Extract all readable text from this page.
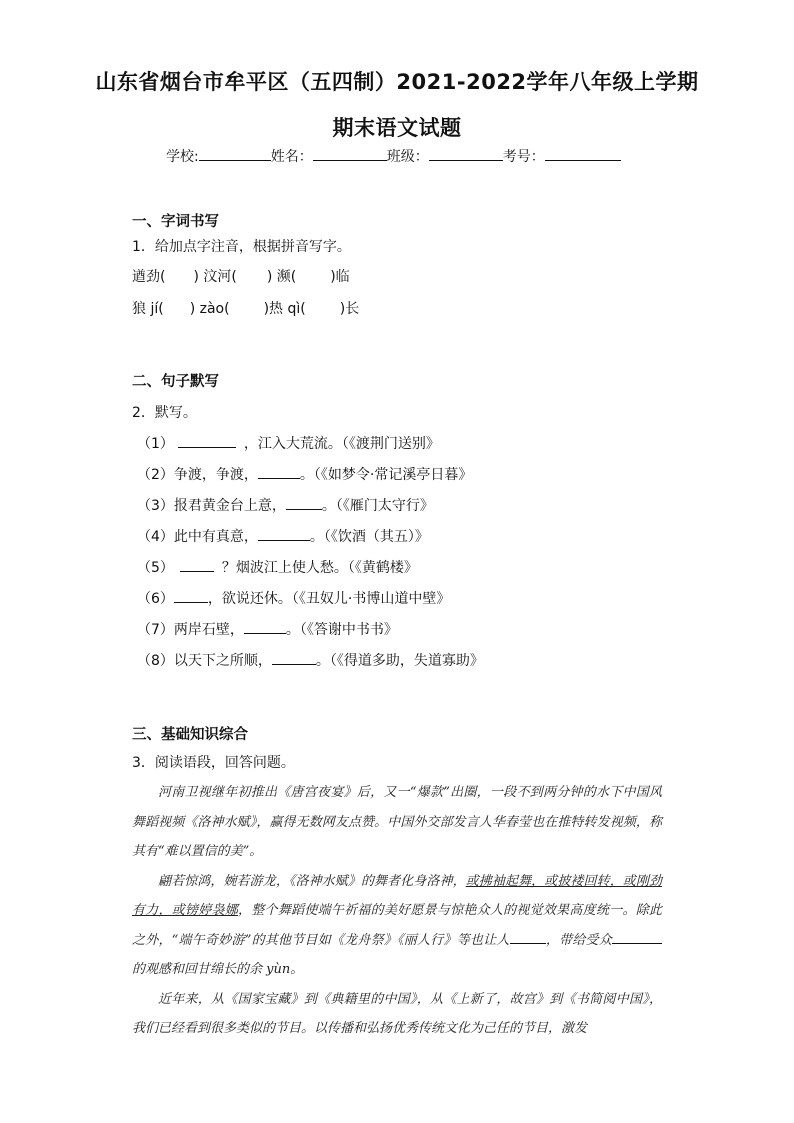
山东省烟台市牟平区（五四制）2021-2022学年八年级上学期
期末语文试题
学校:	姓名：	班级：	考号：
一、字词书写
1．给加点字注音，根据拼音写字。
遒劲( ) 汶河( ) 濒( )临
狼 jí( ) zào( )热 qì( )长
二、句子默写
2．默写。
（1）	，江入大荒流。（《渡荆门送别》
（2）争渡，争渡，	。（《如梦令·常记溪亭日暮》
（3）报君黄金台上意，	。（《雁门太守行》
（4）此中有真意，	。（《饮酒（其五）》
（5）	？烟波江上使人愁。（《黄鹤楼》
（6） ，欲说还休。（《丑奴儿·书博山道中壁》
（7）两岸石壁，	。（《答谢中书书》
（8）以天下之所顺，	。（《得道多助，失道寡助》
三、基础知识综合
3．阅读语段，回答问题。

河南卫视继年初推出《唐宫夜宴》后，又一“爆款”出圈，一段不到两分钟的水下中国风舞蹈视频《洛神水赋》，赢得无数网友点赞。中国外交部发言人华春莹也在推特转发视频，称其有“难以置信的美”。

翩若惊鸿，婉若游龙，《洛神水赋》的舞者化身洛神，或拂袖起舞，或披褛回转，或刚劲有力，或镑婷袅娜，整个舞蹈使端午祈福的美好愿景与惊艳众人的视觉效果高度统一。除此之外，“端午奇妙游”的其他节目如《龙舟祭》《丽人行》等也让人	，带给受众的观感和回甘绵长的余 yùn。

近年来，从《国家宝藏》到《典籍里的中国》，从《上新了，故宫》到《书简阅中国》，我们已经看到很多类似的节目。以传播和弘扬优秀传统文化为己任的节目，激发
